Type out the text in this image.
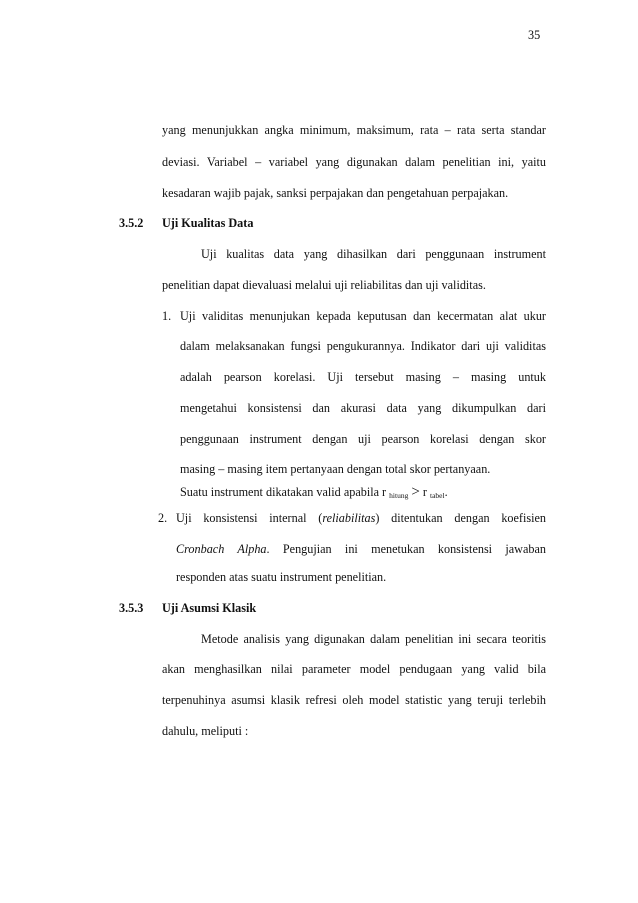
35
yang menunjukkan angka minimum, maksimum, rata – rata serta standar
deviasi. Variabel – variabel yang digunakan dalam penelitian ini, yaitu
kesadaran wajib pajak, sanksi perpajakan dan pengetahuan perpajakan.
3.5.2 Uji Kualitas Data
Uji kualitas data yang dihasilkan dari penggunaan instrument
penelitian dapat dievaluasi melalui uji reliabilitas dan uji validitas.
1. Uji validitas menunjukan kepada keputusan dan kecermatan alat ukur
dalam melaksanakan fungsi pengukurannya. Indikator dari uji validitas
adalah pearson korelasi. Uji tersebut masing – masing untuk
mengetahui konsistensi dan akurasi data yang dikumpulkan dari
penggunaan instrument dengan uji pearson korelasi dengan skor
masing – masing item pertanyaan dengan total skor pertanyaan.
Suatu instrument dikatakan valid apabila r hitung > r tabel.
2. Uji konsistensi internal (reliabilitas) ditentukan dengan koefisien
Cronbach Alpha. Pengujian ini menetukan konsistensi jawaban
responden atas suatu instrument penelitian.
3.5.3 Uji Asumsi Klasik
Metode analisis yang digunakan dalam penelitian ini secara teoritis
akan menghasilkan nilai parameter model pendugaan yang valid bila
terpenuhinya asumsi klasik refresi oleh model statistic yang teruji terlebih
dahulu, meliputi :
